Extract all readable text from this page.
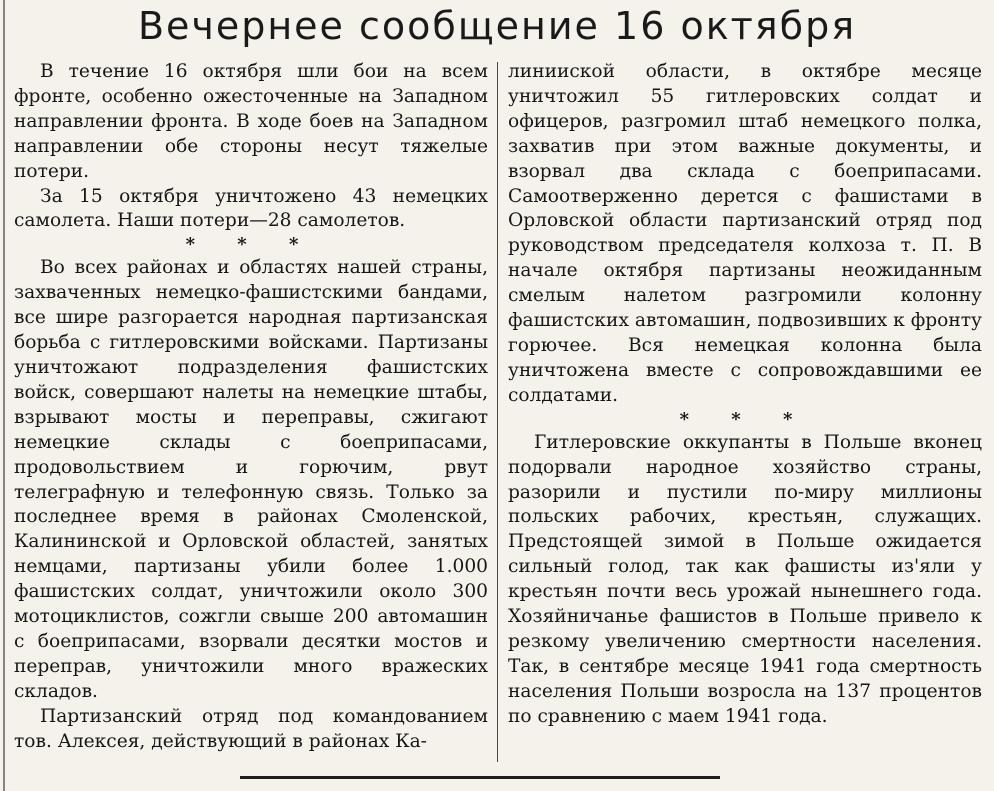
Вечернее сообщение 16 октября

В течение 16 октября шли бои на всем фронте, особенно ожесточенные на Западном направлении фронта. В ходе боев на Западном направлении обе стороны несут тяжелые потери.

За 15 октября уничтожено 43 немецких самолета. Наши потери—28 самолетов.

* * *

Во всех районах и областях нашей страны, захваченных немецко-фашистскими бандами, все шире разгорается народная партизанская борьба с гитлеровскими войсками. Партизаны уничтожают подразделения фашистских войск, совершают налеты на немецкие штабы, взрывают мосты и переправы, сжигают немецкие склады с боеприпасами, продовольствием и горючим, рвут телеграфную и телефонную связь. Только за последнее время в районах Смоленской, Калининской и Орловской областей, занятых немцами, партизаны убили более 1.000 фашистских солдат, уничтожили около 300 мотоциклистов, сожгли свыше 200 автомашин с боеприпасами, взорвали десятки мостов и переправ, уничтожили много вражеских складов.

Партизанский отряд под командованием тов. Алексея, действующий в районах Ка-

линииской области, в октябре месяце уничтожил 55 гитлеровских солдат и офицеров, разгромил штаб немецкого полка, захватив при этом важные документы, и взорвал два склада с боеприпасами. Самоотверженно дерется с фашистами в Орловской области партизанский отряд под руководством председателя колхоза т. П. В начале октября партизаны неожиданным смелым налетом разгромили колонну фашистских автомашин, подвозивших к фронту горючее. Вся немецкая колонна была уничтожена вместе с сопровождавшими ее солдатами.

* * *

Гитлеровские оккупанты в Польше вконец подорвали народное хозяйство страны, разорили и пустили по-миру миллионы польских рабочих, крестьян, служащих. Предстоящей зимой в Польше ожидается сильный голод, так как фашисты из'яли у крестьян почти весь урожай нынешнего года. Хозяйничанье фашистов в Польше привело к резкому увеличению смертности населения. Так, в сентябре месяце 1941 года смертность населения Польши возросла на 137 процентов по сравнению с маем 1941 года.
